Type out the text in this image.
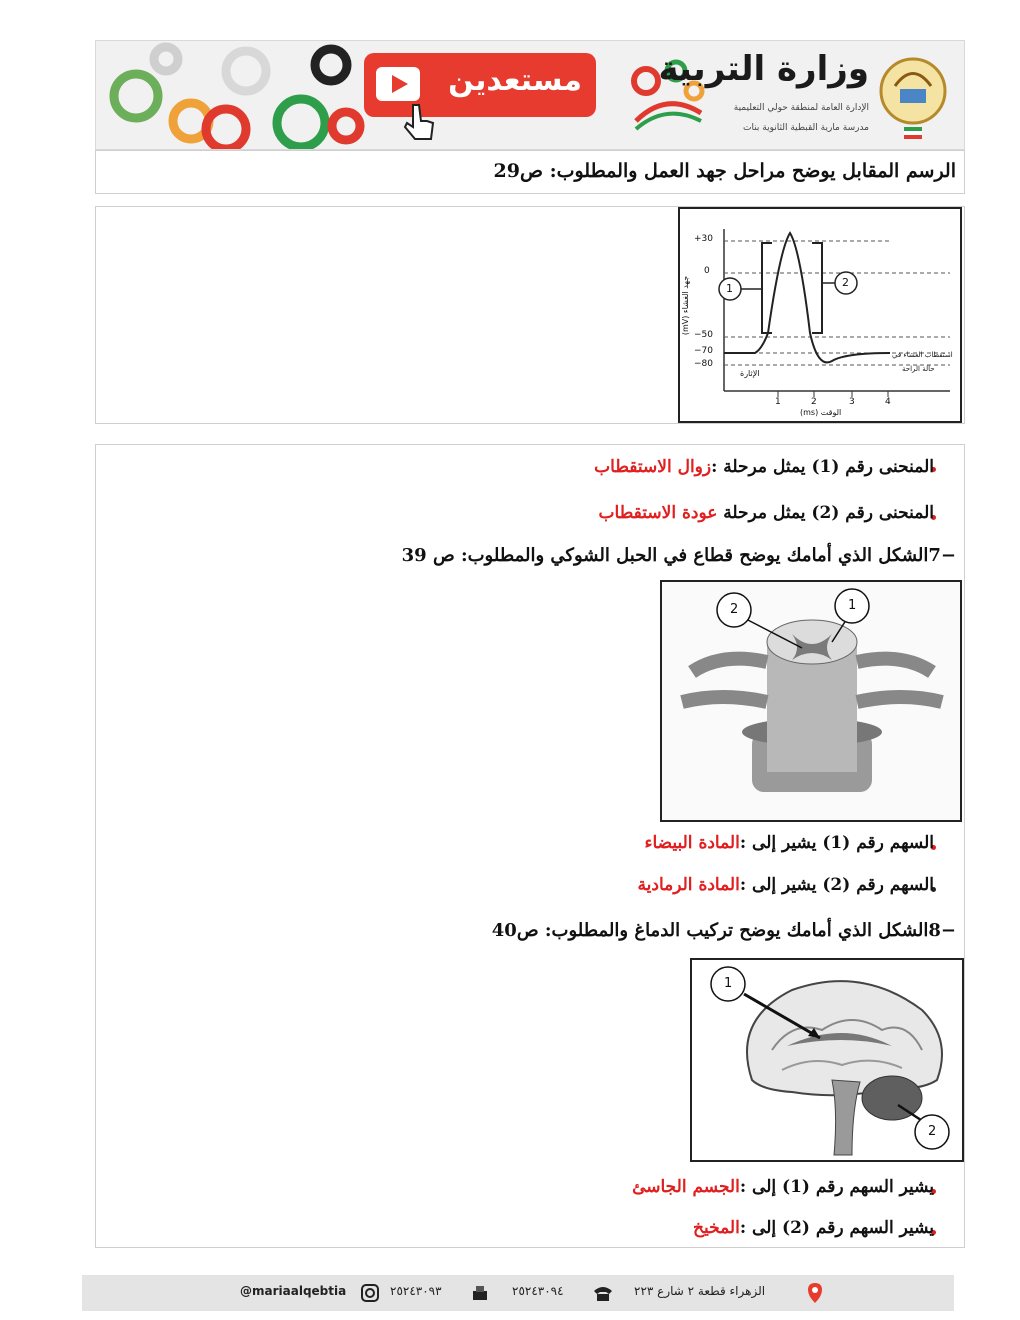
مستعدين وزارة التربية
الإدارة العامة لمنطقة حولي التعليمية
مدرسة مارية القبطية الثانوية بنات
الرسم المقابل يوضح مراحل جهد العمل والمطلوب: ص29
1	2
+30
0
−50
−70
−80
1	2	3	4
الوقت (ms)
جهد الغشاء (mV)
الإثارة
استقطاب الغشاء في
حالة الراحة
المنحنى رقم (1) يمثل مرحلة :زوال الاستقطاب
المنحنى رقم (2) يمثل مرحلة عودة الاستقطاب
−7الشكل الذي أمامك يوضح قطاع في الحبل الشوكي والمطلوب: ص 39
1
2
السهم رقم (1) يشير إلى :المادة البيضاء
السهم رقم (2) يشير إلى :المادة الرمادية
−8الشكل الذي أمامك يوضح تركيب الدماغ والمطلوب: ص40
1
2
يشير السهم رقم (1) إلى :الجسم الجاسئ
يشير السهم رقم (2) إلى :المخيخ
@mariaalqebtia	٢٥٢٤٣٠٩٣	٢٥٢٤٣٠٩٤	الزهراء قطعة ٢ شارع ٢٢٣
